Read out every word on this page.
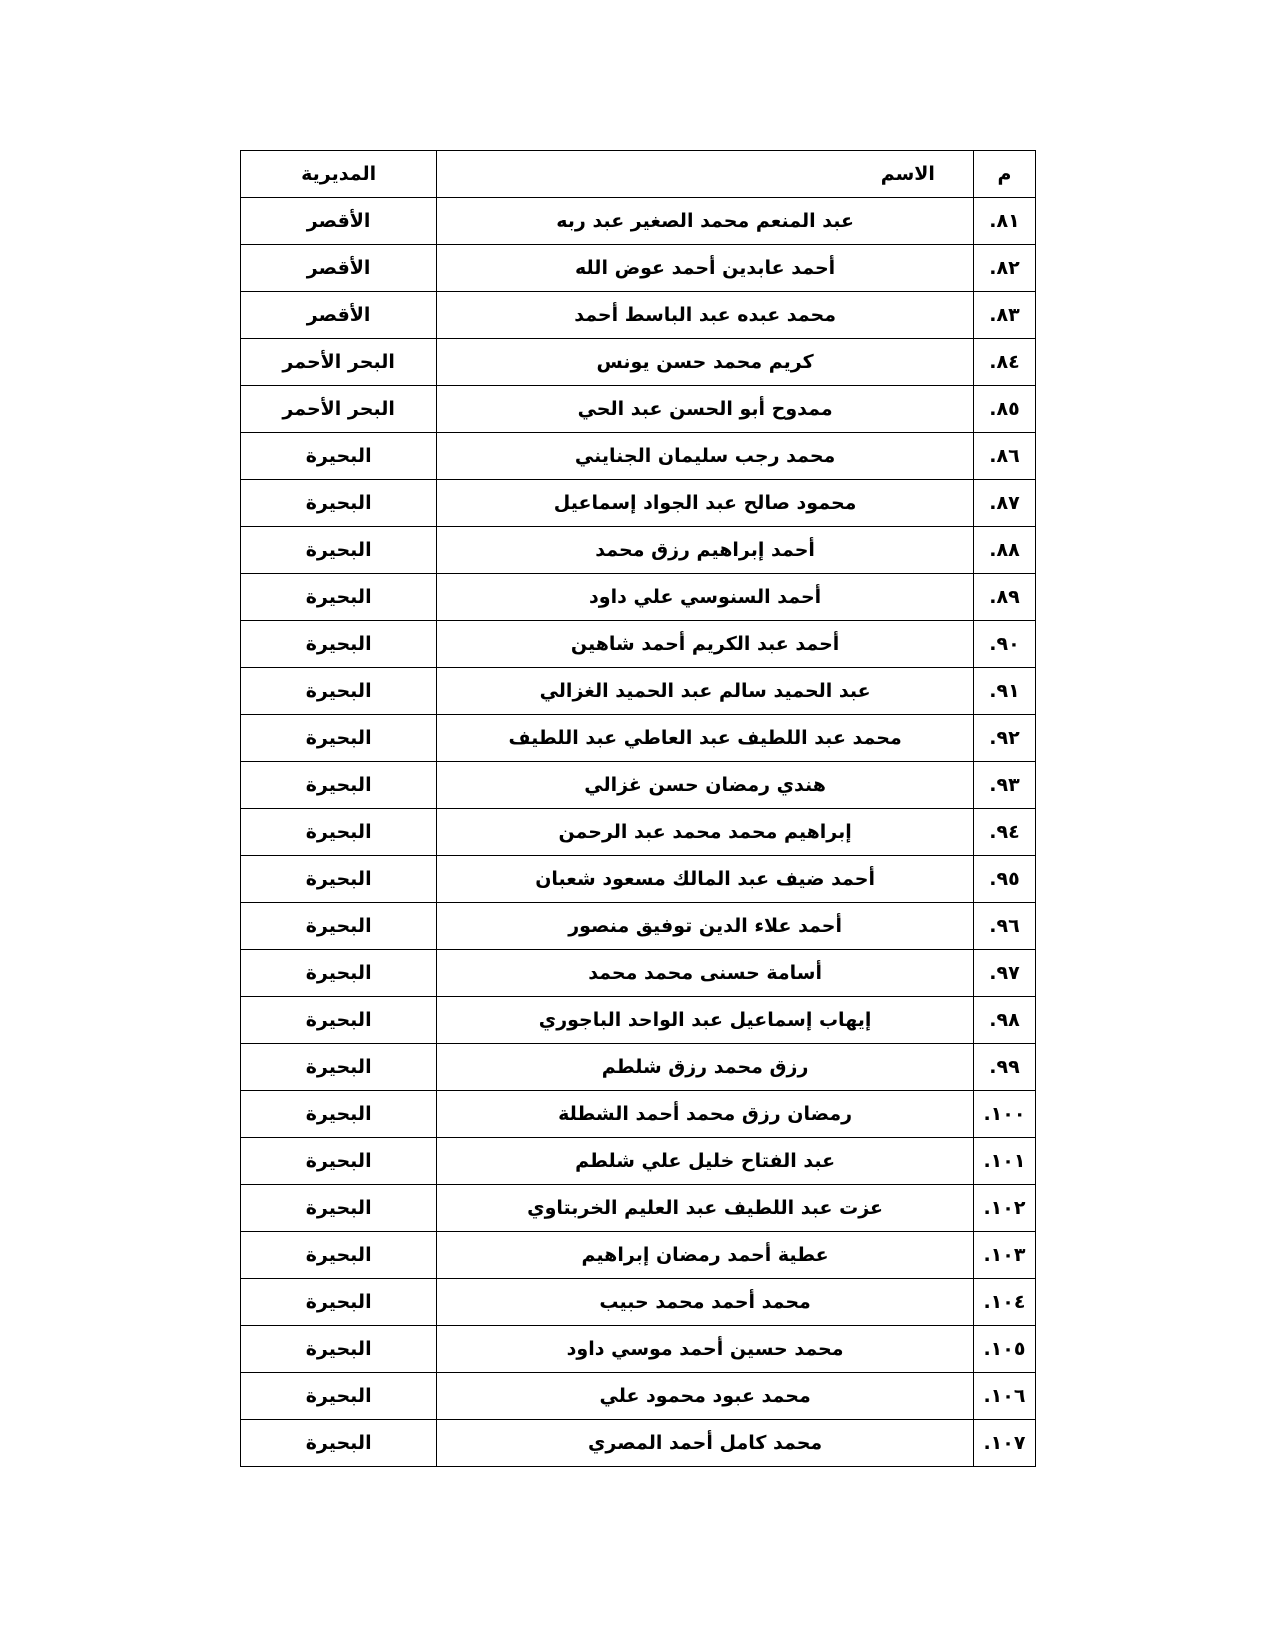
م	الاسم	المديرية
٨١.	عبد المنعم محمد الصغير عبد ربه	الأقصر
٨٢.	أحمد عابدين أحمد عوض الله	الأقصر
٨٣.	محمد عبده عبد الباسط أحمد	الأقصر
٨٤.	كريم محمد حسن يونس	البحر الأحمر
٨٥.	ممدوح أبو الحسن عبد الحي	البحر الأحمر
٨٦.	محمد رجب سليمان الجنايني	البحيرة
٨٧.	محمود صالح عبد الجواد إسماعيل	البحيرة
٨٨.	أحمد إبراهيم رزق محمد	البحيرة
٨٩.	أحمد السنوسي علي داود	البحيرة
٩٠.	أحمد عبد الكريم أحمد شاهين	البحيرة
٩١.	عبد الحميد سالم عبد الحميد الغزالي	البحيرة
٩٢.	محمد عبد اللطيف عبد العاطي عبد اللطيف	البحيرة
٩٣.	هندي رمضان حسن غزالي	البحيرة
٩٤.	إبراهيم محمد محمد عبد الرحمن	البحيرة
٩٥.	أحمد ضيف عبد المالك مسعود شعبان	البحيرة
٩٦.	أحمد علاء الدين توفيق منصور	البحيرة
٩٧.	أسامة حسنى محمد محمد	البحيرة
٩٨.	إيهاب إسماعيل عبد الواحد الباجوري	البحيرة
٩٩.	رزق محمد رزق شلطم	البحيرة
١٠٠.	رمضان رزق محمد أحمد الشطلة	البحيرة
١٠١.	عبد الفتاح خليل علي شلطم	البحيرة
١٠٢.	عزت عبد اللطيف عبد العليم الخربتاوي	البحيرة
١٠٣.	عطية أحمد رمضان إبراهيم	البحيرة
١٠٤.	محمد أحمد محمد حبيب	البحيرة
١٠٥.	محمد حسين أحمد موسي داود	البحيرة
١٠٦.	محمد عبود محمود علي	البحيرة
١٠٧.	محمد كامل أحمد المصري	البحيرة
